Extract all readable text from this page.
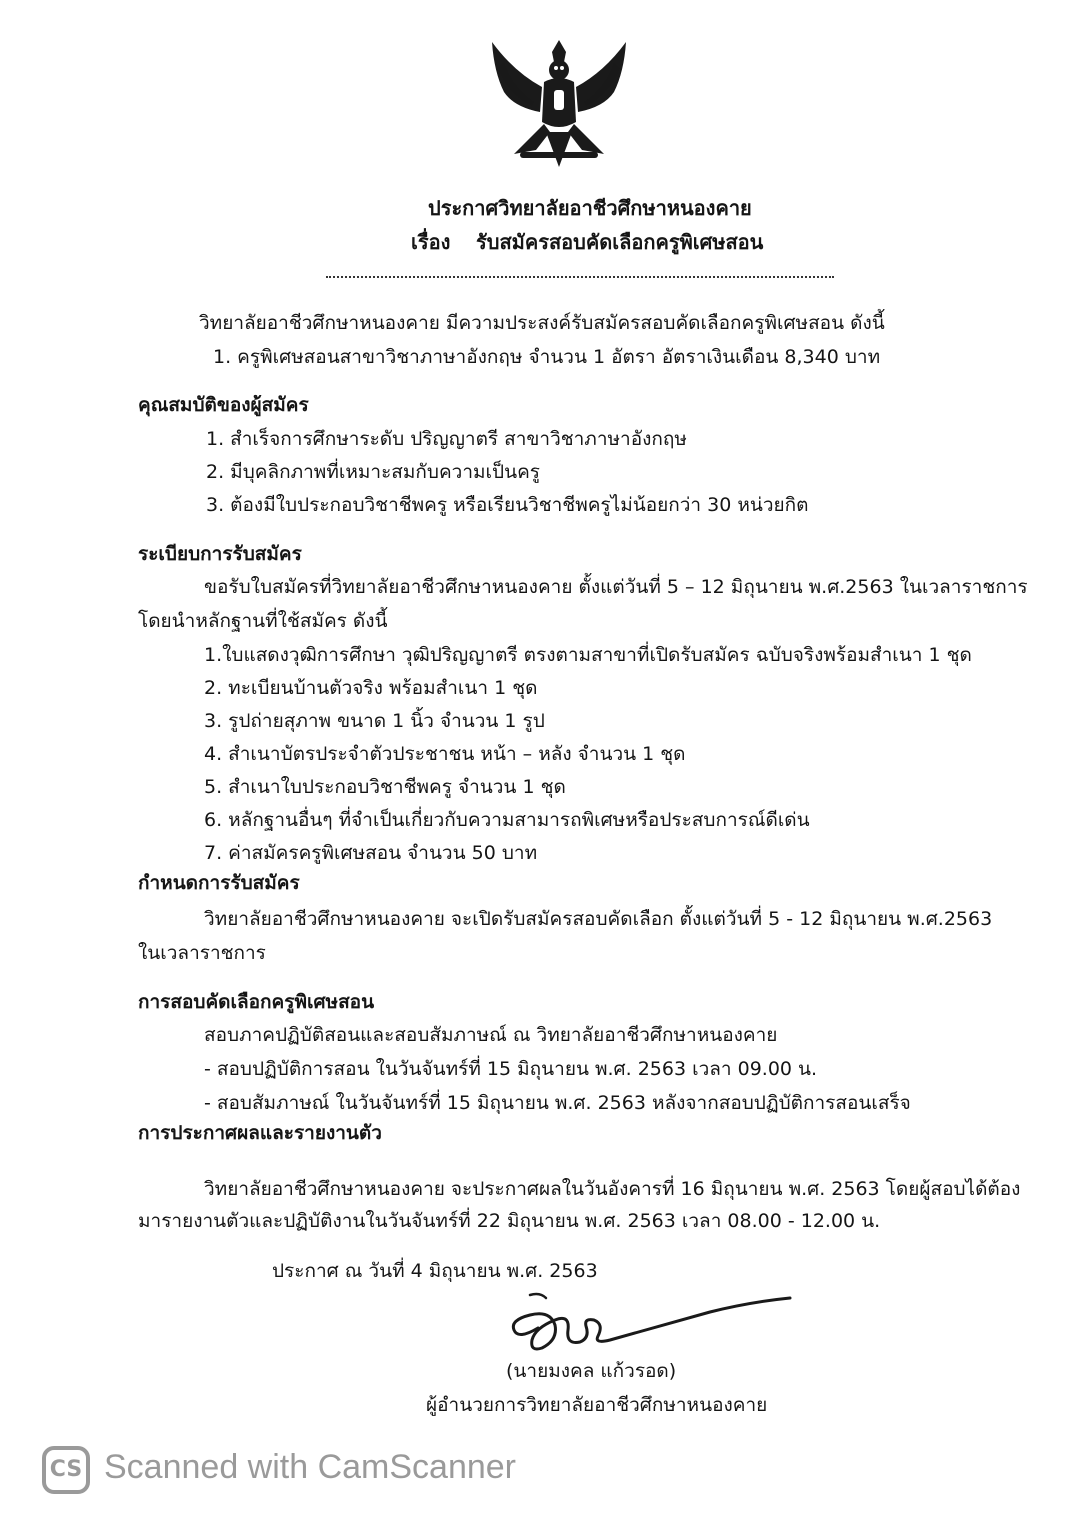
ประกาศวิทยาลัยอาชีวศึกษาหนองคาย
เรื่อง รับสมัครสอบคัดเลือกครูพิเศษสอน
วิทยาลัยอาชีวศึกษาหนองคาย มีความประสงค์รับสมัครสอบคัดเลือกครูพิเศษสอน ดังนี้
1. ครูพิเศษสอนสาขาวิชาภาษาอังกฤษ จำนวน 1 อัตรา อัตราเงินเดือน 8,340 บาท
คุณสมบัติของผู้สมัคร
1. สำเร็จการศึกษาระดับ ปริญญาตรี สาขาวิชาภาษาอังกฤษ
2. มีบุคลิกภาพที่เหมาะสมกับความเป็นครู
3. ต้องมีใบประกอบวิชาชีพครู หรือเรียนวิชาชีพครูไม่น้อยกว่า 30 หน่วยกิต
ระเบียบการรับสมัคร
ขอรับใบสมัครที่วิทยาลัยอาชีวศึกษาหนองคาย ตั้งแต่วันที่ 5 – 12 มิถุนายน พ.ศ.2563 ในเวลาราชการ
โดยนำหลักฐานที่ใช้สมัคร ดังนี้
1.ใบแสดงวุฒิการศึกษา วุฒิปริญญาตรี ตรงตามสาขาที่เปิดรับสมัคร ฉบับจริงพร้อมสำเนา 1 ชุด
2. ทะเบียนบ้านตัวจริง พร้อมสำเนา 1 ชุด
3. รูปถ่ายสุภาพ ขนาด 1 นิ้ว จำนวน 1 รูป
4. สำเนาบัตรประจำตัวประชาชน หน้า – หลัง จำนวน 1 ชุด
5. สำเนาใบประกอบวิชาชีพครู จำนวน 1 ชุด
6. หลักฐานอื่นๆ ที่จำเป็นเกี่ยวกับความสามารถพิเศษหรือประสบการณ์ดีเด่น
7. ค่าสมัครครูพิเศษสอน จำนวน 50 บาท
กำหนดการรับสมัคร
วิทยาลัยอาชีวศึกษาหนองคาย จะเปิดรับสมัครสอบคัดเลือก ตั้งแต่วันที่ 5 - 12 มิถุนายน พ.ศ.2563
ในเวลาราชการ
การสอบคัดเลือกครูพิเศษสอน
สอบภาคปฏิบัติสอนและสอบสัมภาษณ์ ณ วิทยาลัยอาชีวศึกษาหนองคาย
- สอบปฏิบัติการสอน ในวันจันทร์ที่ 15 มิถุนายน พ.ศ. 2563 เวลา 09.00 น.
- สอบสัมภาษณ์ ในวันจันทร์ที่ 15 มิถุนายน พ.ศ. 2563 หลังจากสอบปฏิบัติการสอนเสร็จ
การประกาศผลและรายงานตัว
วิทยาลัยอาชีวศึกษาหนองคาย จะประกาศผลในวันอังคารที่ 16 มิถุนายน พ.ศ. 2563 โดยผู้สอบได้ต้อง
มารายงานตัวและปฏิบัติงานในวันจันทร์ที่ 22 มิถุนายน พ.ศ. 2563 เวลา 08.00 - 12.00 น.
ประกาศ ณ วันที่ 4 มิถุนายน พ.ศ. 2563
(นายมงคล แก้วรอด)
ผู้อำนวยการวิทยาลัยอาชีวศึกษาหนองคาย
CS Scanned with CamScanner
